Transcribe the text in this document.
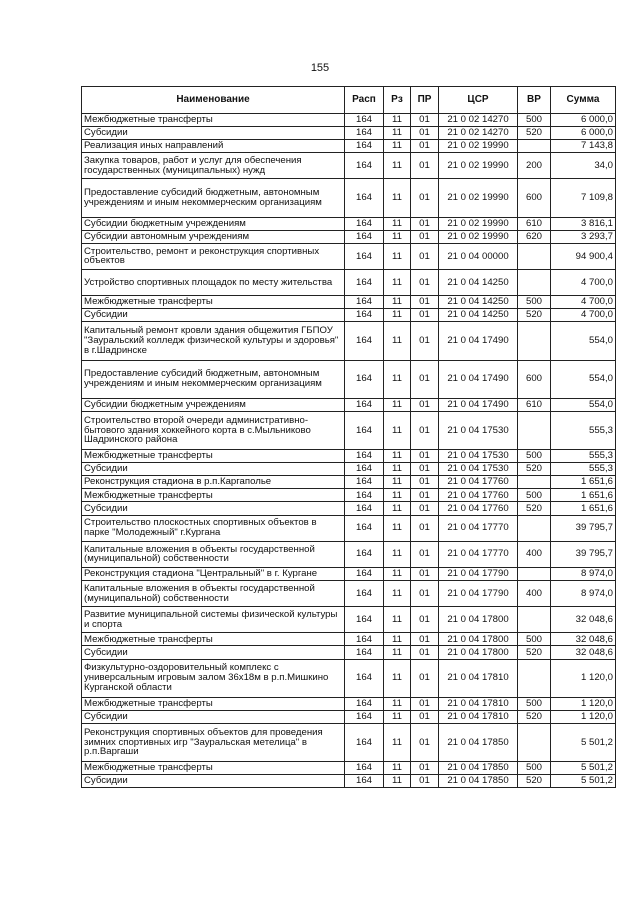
155
Наименование	Расп	Рз	ПР	ЦСР	ВР	Сумма
Межбюджетные трансферты	164	11	01	21 0 02 14270	500	6 000,0
Субсидии	164	11	01	21 0 02 14270	520	6 000,0
Реализация иных направлений	164	11	01	21 0 02 19990		7 143,8
Закупка товаров, работ и услуг для обеспечения государственных (муниципальных) нужд	164	11	01	21 0 02 19990	200	34,0
Предоставление субсидий бюджетным, автономным учреждениям и иным некоммерческим организациям	164	11	01	21 0 02 19990	600	7 109,8
Субсидии бюджетным учреждениям	164	11	01	21 0 02 19990	610	3 816,1
Субсидии автономным учреждениям	164	11	01	21 0 02 19990	620	3 293,7
Строительство, ремонт и реконструкция спортивных объектов	164	11	01	21 0 04 00000		94 900,4
Устройство спортивных площадок по месту жительства	164	11	01	21 0 04 14250		4 700,0
Межбюджетные трансферты	164	11	01	21 0 04 14250	500	4 700,0
Субсидии	164	11	01	21 0 04 14250	520	4 700,0
Капитальный ремонт кровли здания общежития ГБПОУ "Зауральский колледж физической культуры и здоровья" в г.Шадринске	164	11	01	21 0 04 17490		554,0
Предоставление субсидий бюджетным, автономным учреждениям и иным некоммерческим организациям	164	11	01	21 0 04 17490	600	554,0
Субсидии бюджетным учреждениям	164	11	01	21 0 04 17490	610	554,0
Строительство второй очереди административно-бытового здания хоккейного корта в с.Мыльниково Шадринского района	164	11	01	21 0 04 17530		555,3
Межбюджетные трансферты	164	11	01	21 0 04 17530	500	555,3
Субсидии	164	11	01	21 0 04 17530	520	555,3
Реконструкция стадиона в р.п.Каргаполье	164	11	01	21 0 04 17760		1 651,6
Межбюджетные трансферты	164	11	01	21 0 04 17760	500	1 651,6
Субсидии	164	11	01	21 0 04 17760	520	1 651,6
Строительство плоскостных спортивных объектов в парке "Молодежный" г.Кургана	164	11	01	21 0 04 17770		39 795,7
Капитальные вложения в объекты государственной (муниципальной) собственности	164	11	01	21 0 04 17770	400	39 795,7
Реконструкция стадиона "Центральный" в г. Кургане	164	11	01	21 0 04 17790		8 974,0
Капитальные вложения в объекты государственной (муниципальной) собственности	164	11	01	21 0 04 17790	400	8 974,0
Развитие муниципальной системы физической культуры и спорта	164	11	01	21 0 04 17800		32 048,6
Межбюджетные трансферты	164	11	01	21 0 04 17800	500	32 048,6
Субсидии	164	11	01	21 0 04 17800	520	32 048,6
Физкультурно-оздоровительный комплекс с универсальным игровым залом 36х18м в р.п.Мишкино Курганской области	164	11	01	21 0 04 17810		1 120,0
Межбюджетные трансферты	164	11	01	21 0 04 17810	500	1 120,0
Субсидии	164	11	01	21 0 04 17810	520	1 120,0
Реконструкция спортивных объектов для проведения зимних спортивных игр "Зауральская метелица" в р.п.Варгаши	164	11	01	21 0 04 17850		5 501,2
Межбюджетные трансферты	164	11	01	21 0 04 17850	500	5 501,2
Субсидии	164	11	01	21 0 04 17850	520	5 501,2
